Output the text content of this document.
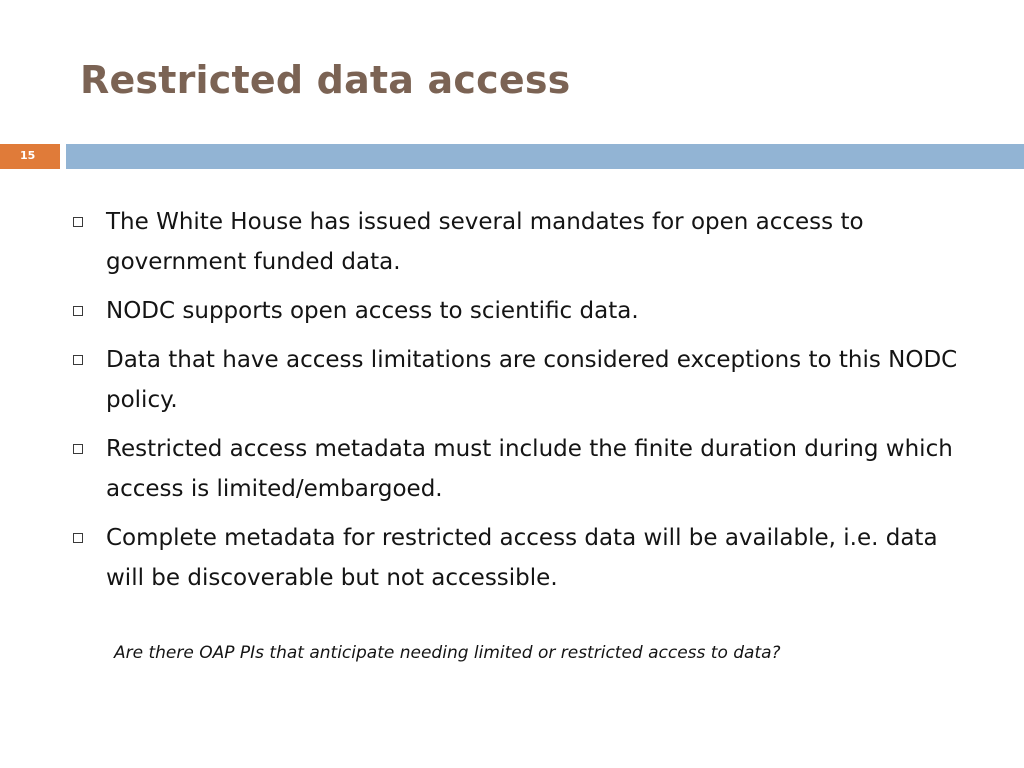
Restricted data access
15
The White House has issued several mandates for open access to government funded data.
NODC supports open access to scientific data.
Data that have access limitations are considered exceptions to this NODC policy.
Restricted access metadata must include the finite duration during which access is limited/embargoed.
Complete metadata for restricted access data will be available, i.e. data will be discoverable but not accessible.
Are there OAP PIs that anticipate needing limited or restricted access to data?
